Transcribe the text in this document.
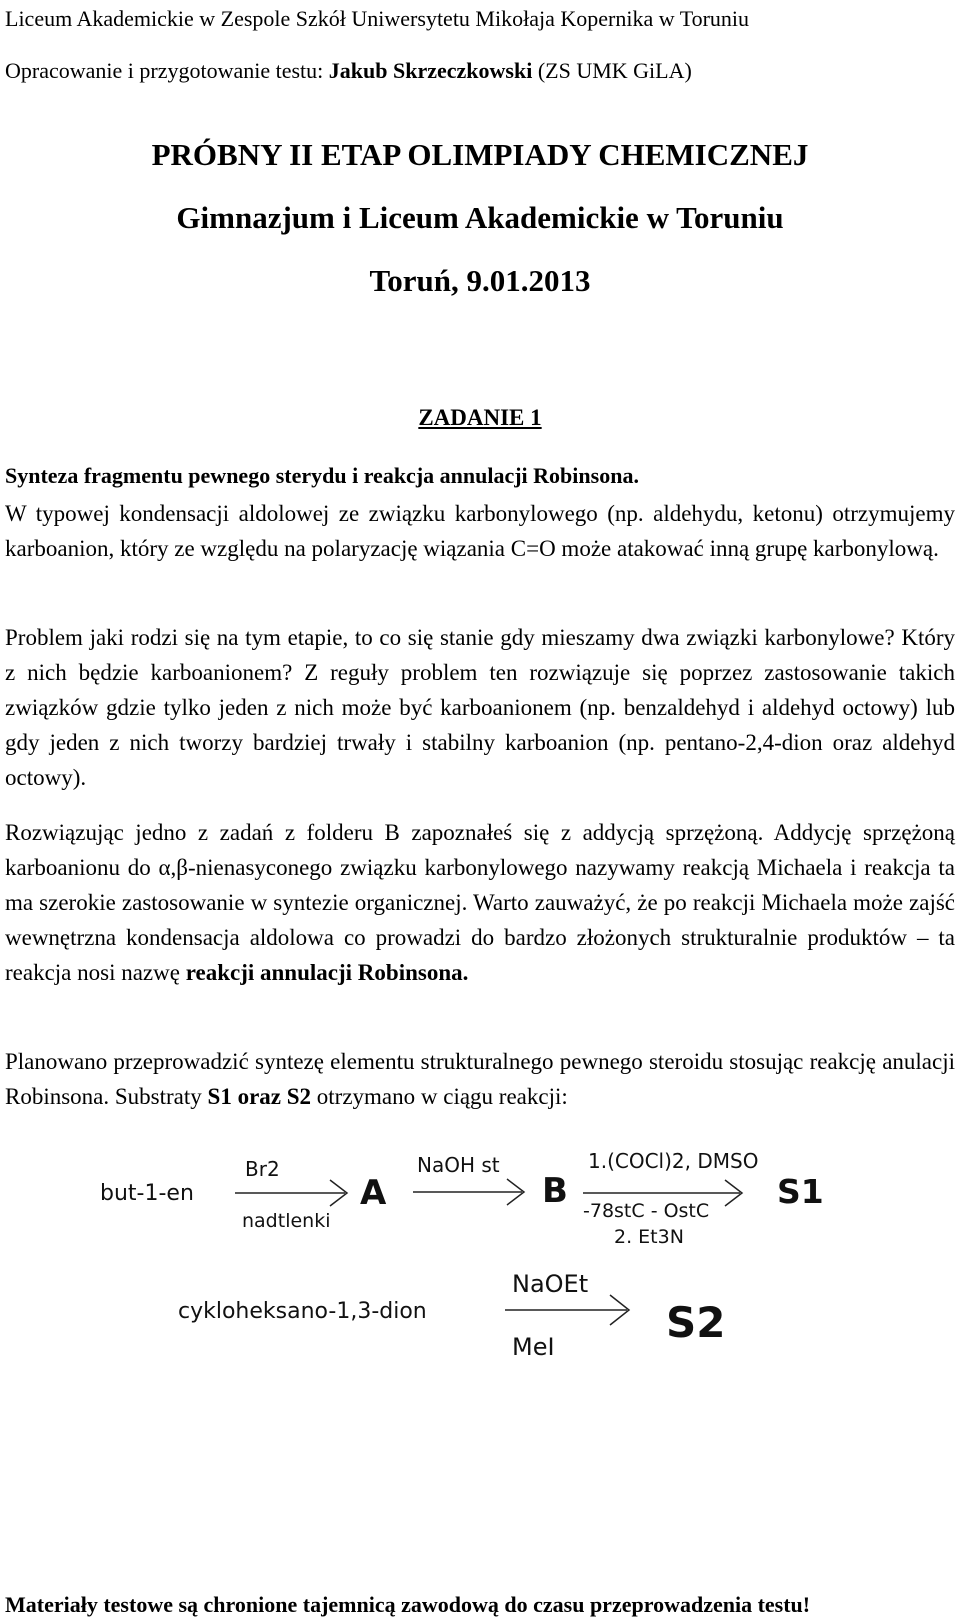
Liceum Akademickie w Zespole Szkół Uniwersytetu Mikołaja Kopernika w Toruniu
Opracowanie i przygotowanie testu: Jakub Skrzeczkowski (ZS UMK GiLA)
PRÓBNY II ETAP OLIMPIADY CHEMICZNEJ
Gimnazjum i Liceum Akademickie w Toruniu
Toruń, 9.01.2013
ZADANIE 1
Synteza fragmentu pewnego sterydu i reakcja annulacji Robinsona.
W typowej kondensacji aldolowej ze związku karbonylowego (np. aldehydu, ketonu) otrzymujemy karboanion, który ze względu na polaryzację wiązania C=O może atakować inną grupę karbonylową.
Problem jaki rodzi się na tym etapie, to co się stanie gdy mieszamy dwa związki karbonylowe? Który z nich będzie karboanionem? Z reguły problem ten rozwiązuje się poprzez zastosowanie takich związków gdzie tylko jeden z nich może być karboanionem (np. benzaldehyd i aldehyd octowy) lub gdy jeden z nich tworzy bardziej trwały i stabilny karboanion (np. pentano-2,4-dion oraz aldehyd octowy).
Rozwiązując jedno z zadań z folderu B zapoznałeś się z addycją sprzężoną. Addycję sprzężoną karboanionu do α,β-nienasyconego związku karbonylowego nazywamy reakcją Michaela i reakcja ta ma szerokie zastosowanie w syntezie organicznej. Warto zauważyć, że po reakcji Michaela może zajść wewnętrzna kondensacja aldolowa co prowadzi do bardzo złożonych strukturalnie produktów – ta reakcja nosi nazwę reakcji annulacji Robinsona.
Planowano przeprowadzić syntezę elementu strukturalnego pewnego steroidu stosując reakcję anulacji Robinsona. Substraty S1 oraz S2 otrzymano w ciągu reakcji:
but-1-en
Br2
nadtlenki
A
NaOH st
B
1.(COCl)2, DMSO
-78stC - OstC
2. Et3N
S1
cykloheksano-1,3-dion
NaOEt
MeI	S2
Materiały testowe są chronione tajemnicą zawodową do czasu przeprowadzenia testu!
